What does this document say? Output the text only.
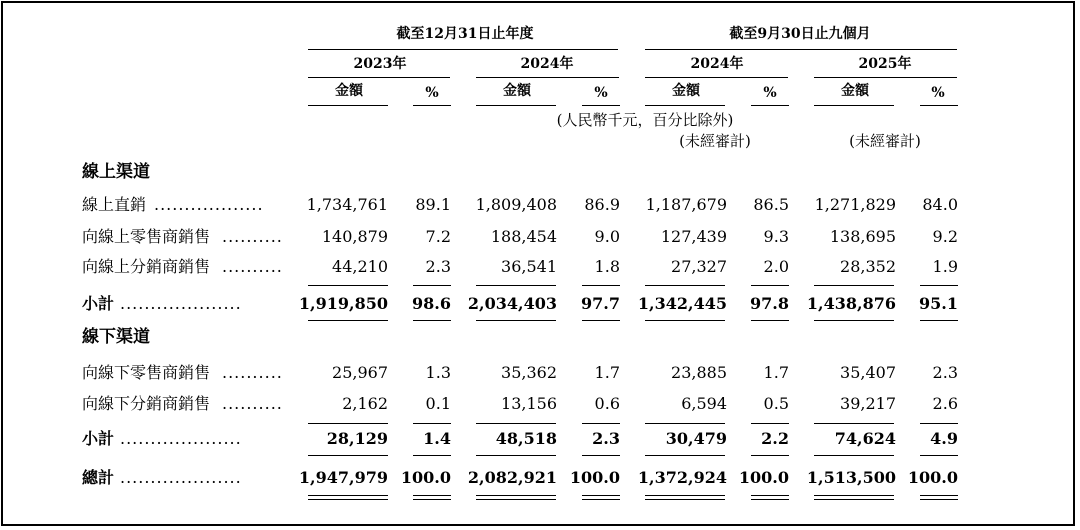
截至12月31日止年度	截至9月30日止九個月
2023年	2024年	2024年	2025年
金額	%	金額	%	金額	%	金額	%
(人民幣千元，百分比除外)
(未經審計)	(未經審計)
線上渠道
線下渠道
線上直銷 ..................	1,734,761 89.1 1,809,408 86.9 1,187,679 86.5 1,271,829 84.0
向線上零售商銷售 .......... 140,879 7.2 188,454 9.0	127,439 9.3	138,695 9.2
向線上分銷商銷售 ..........	44,210 2.3	36,541 1.8	27,327 2.0	28,352 1.9
小計 ....................	1,919,850 98.6 2,034,403 97.7 1,342,445 97.8 1,438,876 95.1
向線下零售商銷售 ..........	25,967 1.3	35,362 1.7	23,885 1.7	35,407 2.3
向線下分銷商銷售 ..........	2,162 0.1	13,156 0.6	6,594 0.5	39,217 2.6
小計 ....................	28,129 1.4	48,518 2.3	30,479 2.2	74,624 4.9
總計 ....................	1,947,979 100.0 2,082,921 100.0 1,372,924 100.0 1,513,500 100.0
